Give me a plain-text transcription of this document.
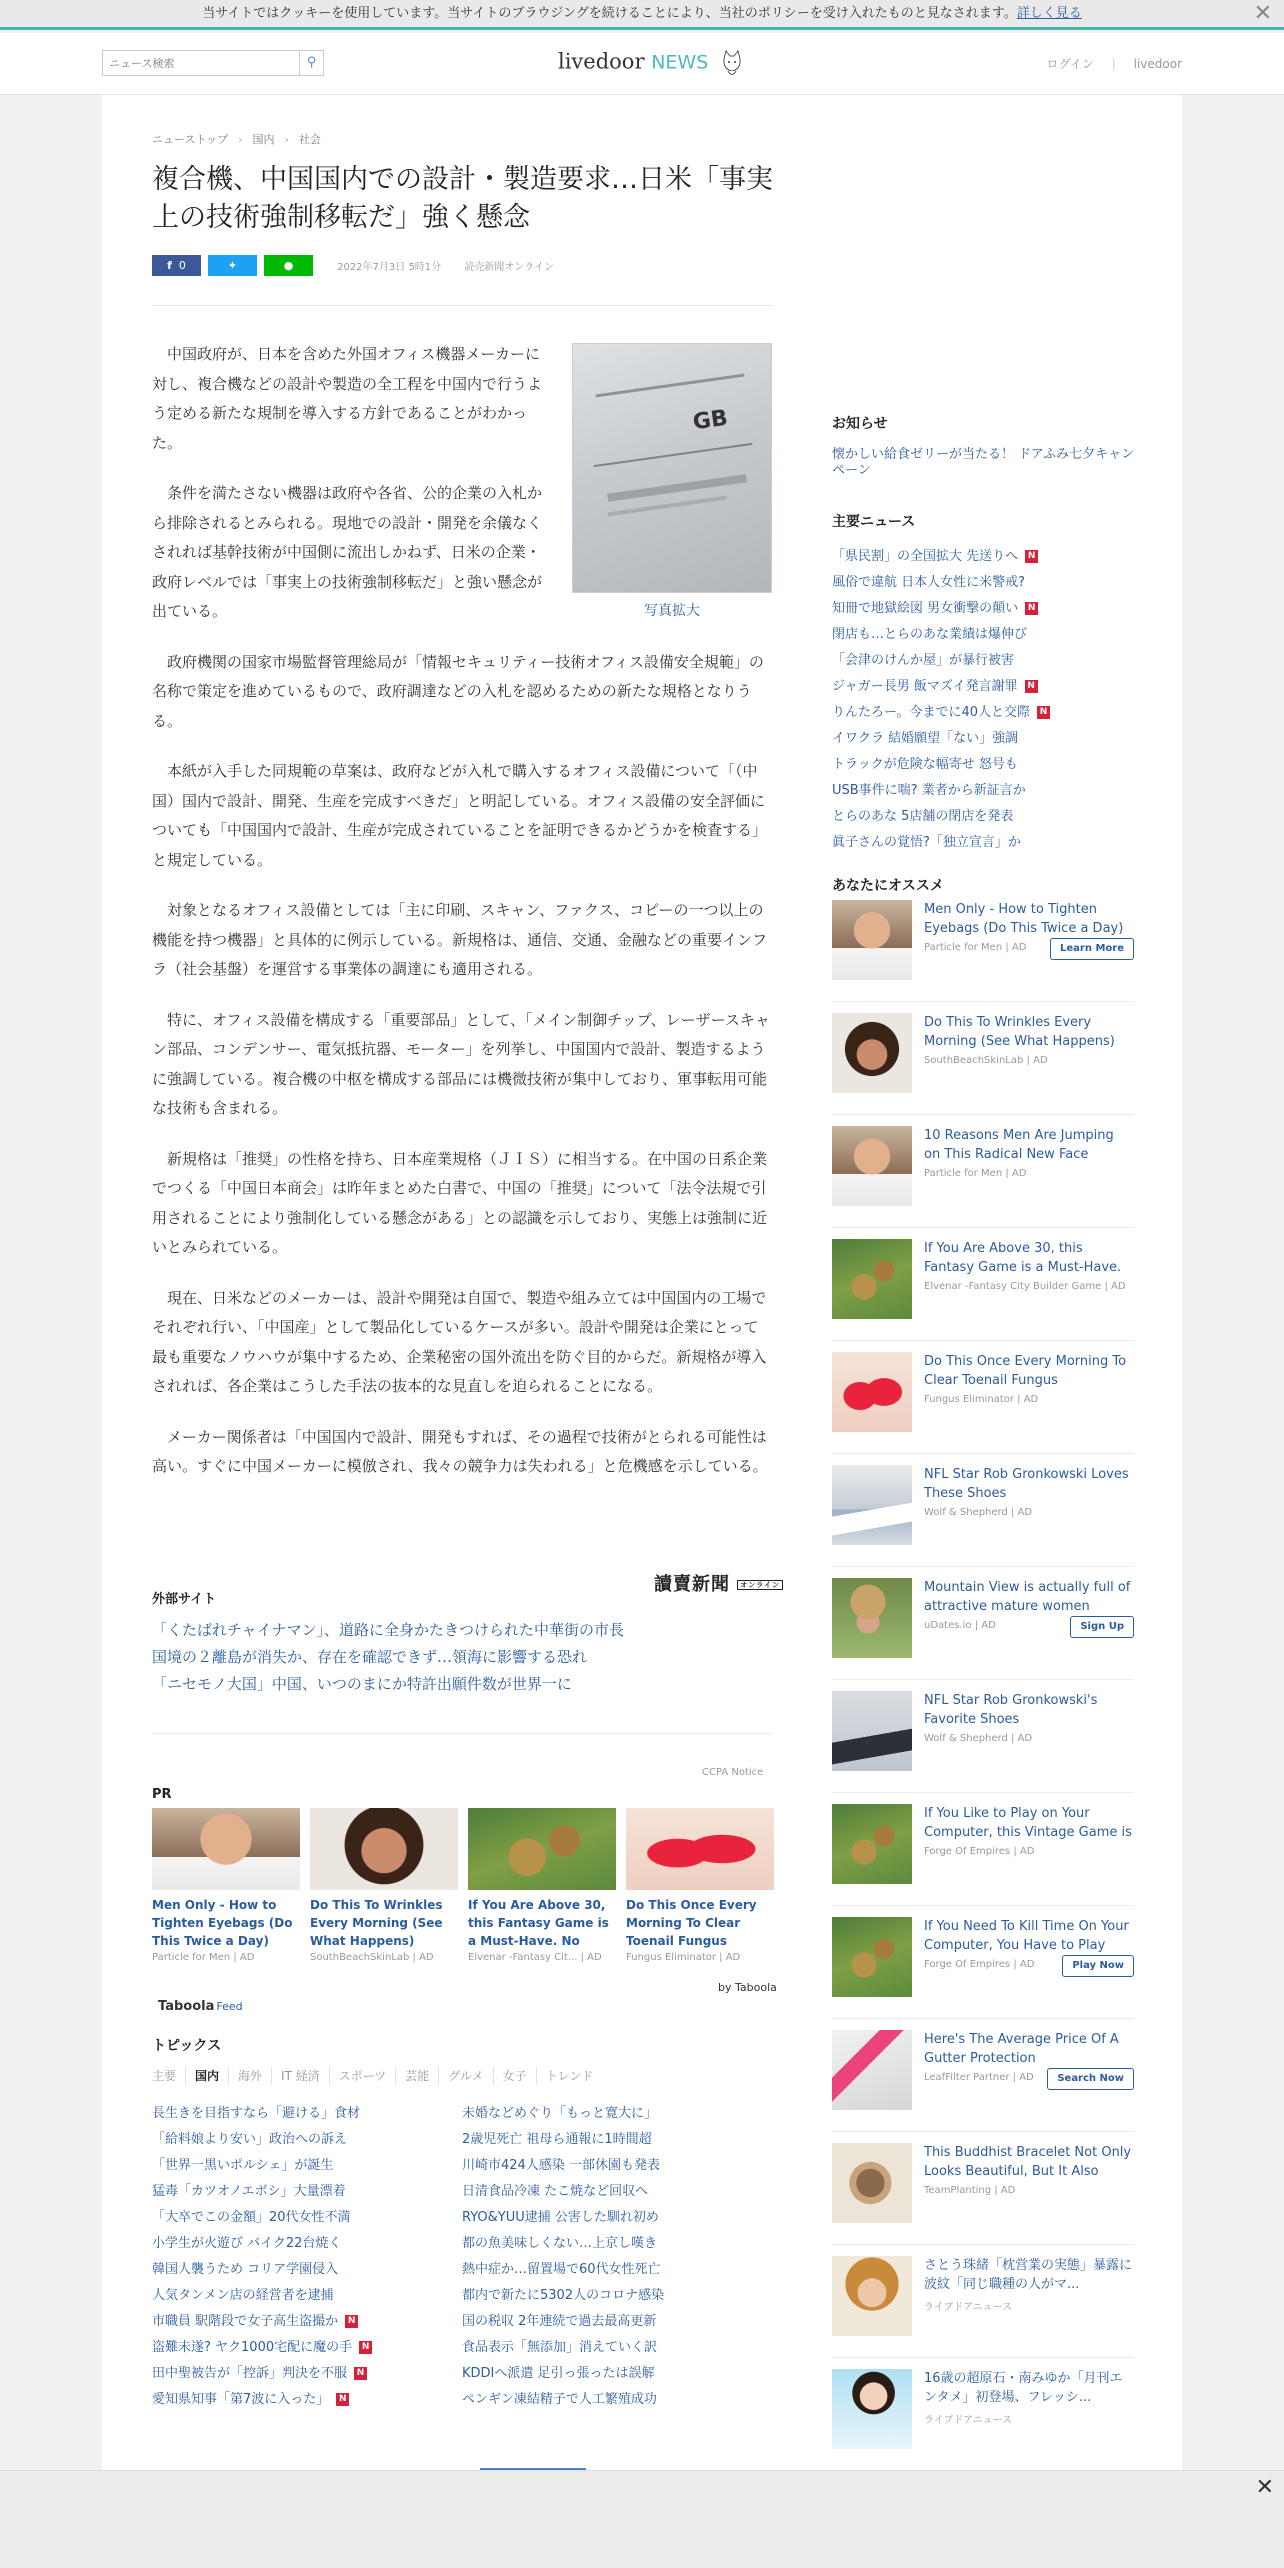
当サイトではクッキーを使用しています。当サイトのブラウジングを続けることにより、当社のポリシーを受け入れたものと見なされます。詳しく見る	✕
ニュース検索
⚲	livedoor NEWS	ログイン | livedoor
ニューストップ › 国内 › 社会
複合機、中国国内での設計・製造要求…日米「事実上の技術強制移転だ」強く懸念
f 0	✦	●	2022年7月3日 5時1分 読売新聞オンライン
GB
写真拡大

中国政府が、日本を含めた外国オフィス機器メーカーに対し、複合機などの設計や製造の全工程を中国内で行うよう定める新たな規制を導入する方針であることがわかった。

条件を満たさない機器は政府や各省、公的企業の入札から排除されるとみられる。現地での設計・開発を余儀なくされれば基幹技術が中国側に流出しかねず、日米の企業・政府レベルでは「事実上の技術強制移転だ」と強い懸念が出ている。

政府機関の国家市場監督管理総局が「情報セキュリティー技術オフィス設備安全規範」の名称で策定を進めているもので、政府調達などの入札を認めるための新たな規格となりうる。

本紙が入手した同規範の草案は、政府などが入札で購入するオフィス設備について「（中国）国内で設計、開発、生産を完成すべきだ」と明記している。オフィス設備の安全評価についても「中国国内で設計、生産が完成されていることを証明できるかどうかを検査する」と規定している。

対象となるオフィス設備としては「主に印刷、スキャン、ファクス、コピーの一つ以上の機能を持つ機器」と具体的に例示している。新規格は、通信、交通、金融などの重要インフラ（社会基盤）を運営する事業体の調達にも適用される。

特に、オフィス設備を構成する「重要部品」として、「メイン制御チップ、レーザースキャン部品、コンデンサー、電気抵抗器、モーター」を列挙し、中国国内で設計、製造するように強調している。複合機の中枢を構成する部品には機微技術が集中しており、軍事転用可能な技術も含まれる。

新規格は「推奨」の性格を持ち、日本産業規格（ＪＩＳ）に相当する。在中国の日系企業でつくる「中国日本商会」は昨年まとめた白書で、中国の「推奨」について「法令法規で引用されることにより強制化している懸念がある」との認識を示しており、実態上は強制に近いとみられている。

現在、日米などのメーカーは、設計や開発は自国で、製造や組み立ては中国国内の工場でそれぞれ行い、「中国産」として製品化しているケースが多い。設計や開発は企業にとって最も重要なノウハウが集中するため、企業秘密の国外流出を防ぐ目的からだ。新規格が導入されれば、各企業はこうした手法の抜本的な見直しを迫られることになる。

メーカー関係者は「中国国内で設計、開発もすれば、その過程で技術がとられる可能性は高い。すぐに中国メーカーに模倣され、我々の競争力は失われる」と危機感を示している。

讀賣新聞 オンライン
外部サイト
「くたばれチャイナマン」、道路に全身かたきつけられた中華街の市長
国境の２離島が消失か、存在を確認できず…領海に影響する恐れ
「ニセモノ大国」中国、いつのまにか特許出願件数が世界一に
CCPA Notice
PR
Men Only - How to Tighten Eyebags (Do This Twice a Day)
Particle for Men | AD
Do This To Wrinkles Every Morning (See What Happens)
SouthBeachSkinLab | AD
If You Are Above 30, this Fantasy Game is a Must-Have. No
Elvenar -Fantasy Cit... | AD
Do This Once Every Morning To Clear Toenail Fungus
Fungus Eliminator | AD
by Taboola
Taboola Feed
トピックス
主要 国内 海外 IT 経済 スポーツ 芸能 グルメ 女子 トレンド
長生きを目指すなら「避ける」食材
「給料娘より安い」政治への訴え
「世界一黒いポルシェ」が誕生
猛毒「カツオノエボシ」大量漂着
「大卒でこの金額」20代女性不満
小学生が火遊び バイク22台焼く
韓国人襲うため コリア学園侵入
人気タンメン店の経営者を逮捕
市職員 駅階段で女子高生盗撮か N
盗難未遂? ヤク1000宅配に魔の手 N
田中聖被告が「控訴」判決を不服 N
愛知県知事「第7波に入った」 N
未婚などめぐり「もっと寛大に」
2歳児死亡 祖母ら通報に1時間超
川崎市424人感染 一部休園も発表
日清食品冷凍 たこ焼など回収へ
RYO&YUU逮捕 公害した馴れ初め
都の魚美味しくない…上京し嘆き
熱中症か…留置場で60代女性死亡
都内で新たに5302人のコロナ感染
国の税収 2年連続で過去最高更新
食品表示「無添加」消えていく訳
KDDIへ派遣 足引っ張ったは誤解
ペンギン凍結精子で人工繁殖成功
お知らせ
懐かしい給食ゼリーが当たる！ ドアふみ七夕キャンペーン
主要ニュース
「県民割」の全国拡大 先送りへ N
風俗で違航 日本人女性に米警戒?
知冊で地獄絵図 男女衝撃の顛い N
閉店も…とらのあな業績は爆伸び
「会津のけんか屋」が暴行被害
ジャガー長男 飯マズイ発言謝罪 N
りんたろー。今までに40人と交際 N
イワクラ 結婚願望「ない」強調
トラックが危険な幅寄せ 怒号も
USB事件に喘? 業者から新証言か
とらのあな 5店舗の閉店を発表
眞子さんの覚悟?「独立宣言」か
あなたにオススメ
Men Only - How to Tighten Eyebags (Do This Twice a Day)
Particle for Men | AD	Learn More
Do This To Wrinkles Every Morning (See What Happens)
SouthBeachSkinLab | AD
10 Reasons Men Are Jumping on This Radical New Face
Particle for Men | AD
If You Are Above 30, this Fantasy Game is a Must-Have.
Elvenar -Fantasy City Builder Game | AD
Do This Once Every Morning To Clear Toenail Fungus
Fungus Eliminator | AD
NFL Star Rob Gronkowski Loves These Shoes
Wolf & Shepherd | AD
Mountain View is actually full of attractive mature women
uDates.io | AD	Sign Up
NFL Star Rob Gronkowski's Favorite Shoes
Wolf & Shepherd | AD
If You Like to Play on Your Computer, this Vintage Game is
Forge Of Empires | AD
If You Need To Kill Time On Your Computer, You Have to Play
Forge Of Empires | AD	Play Now
Here's The Average Price Of A Gutter Protection
LeafFilter Partner | AD	Search Now
This Buddhist Bracelet Not Only Looks Beautiful, But It Also
TeamPlanting | AD
さとう珠緒「枕営業の実態」暴露に波紋「同じ職種の人がマ...
ライブドアニュース
16歳の超原石・南みゆか「月刊エンタメ」初登場、フレッシ...
ライブドアニュース
✕
